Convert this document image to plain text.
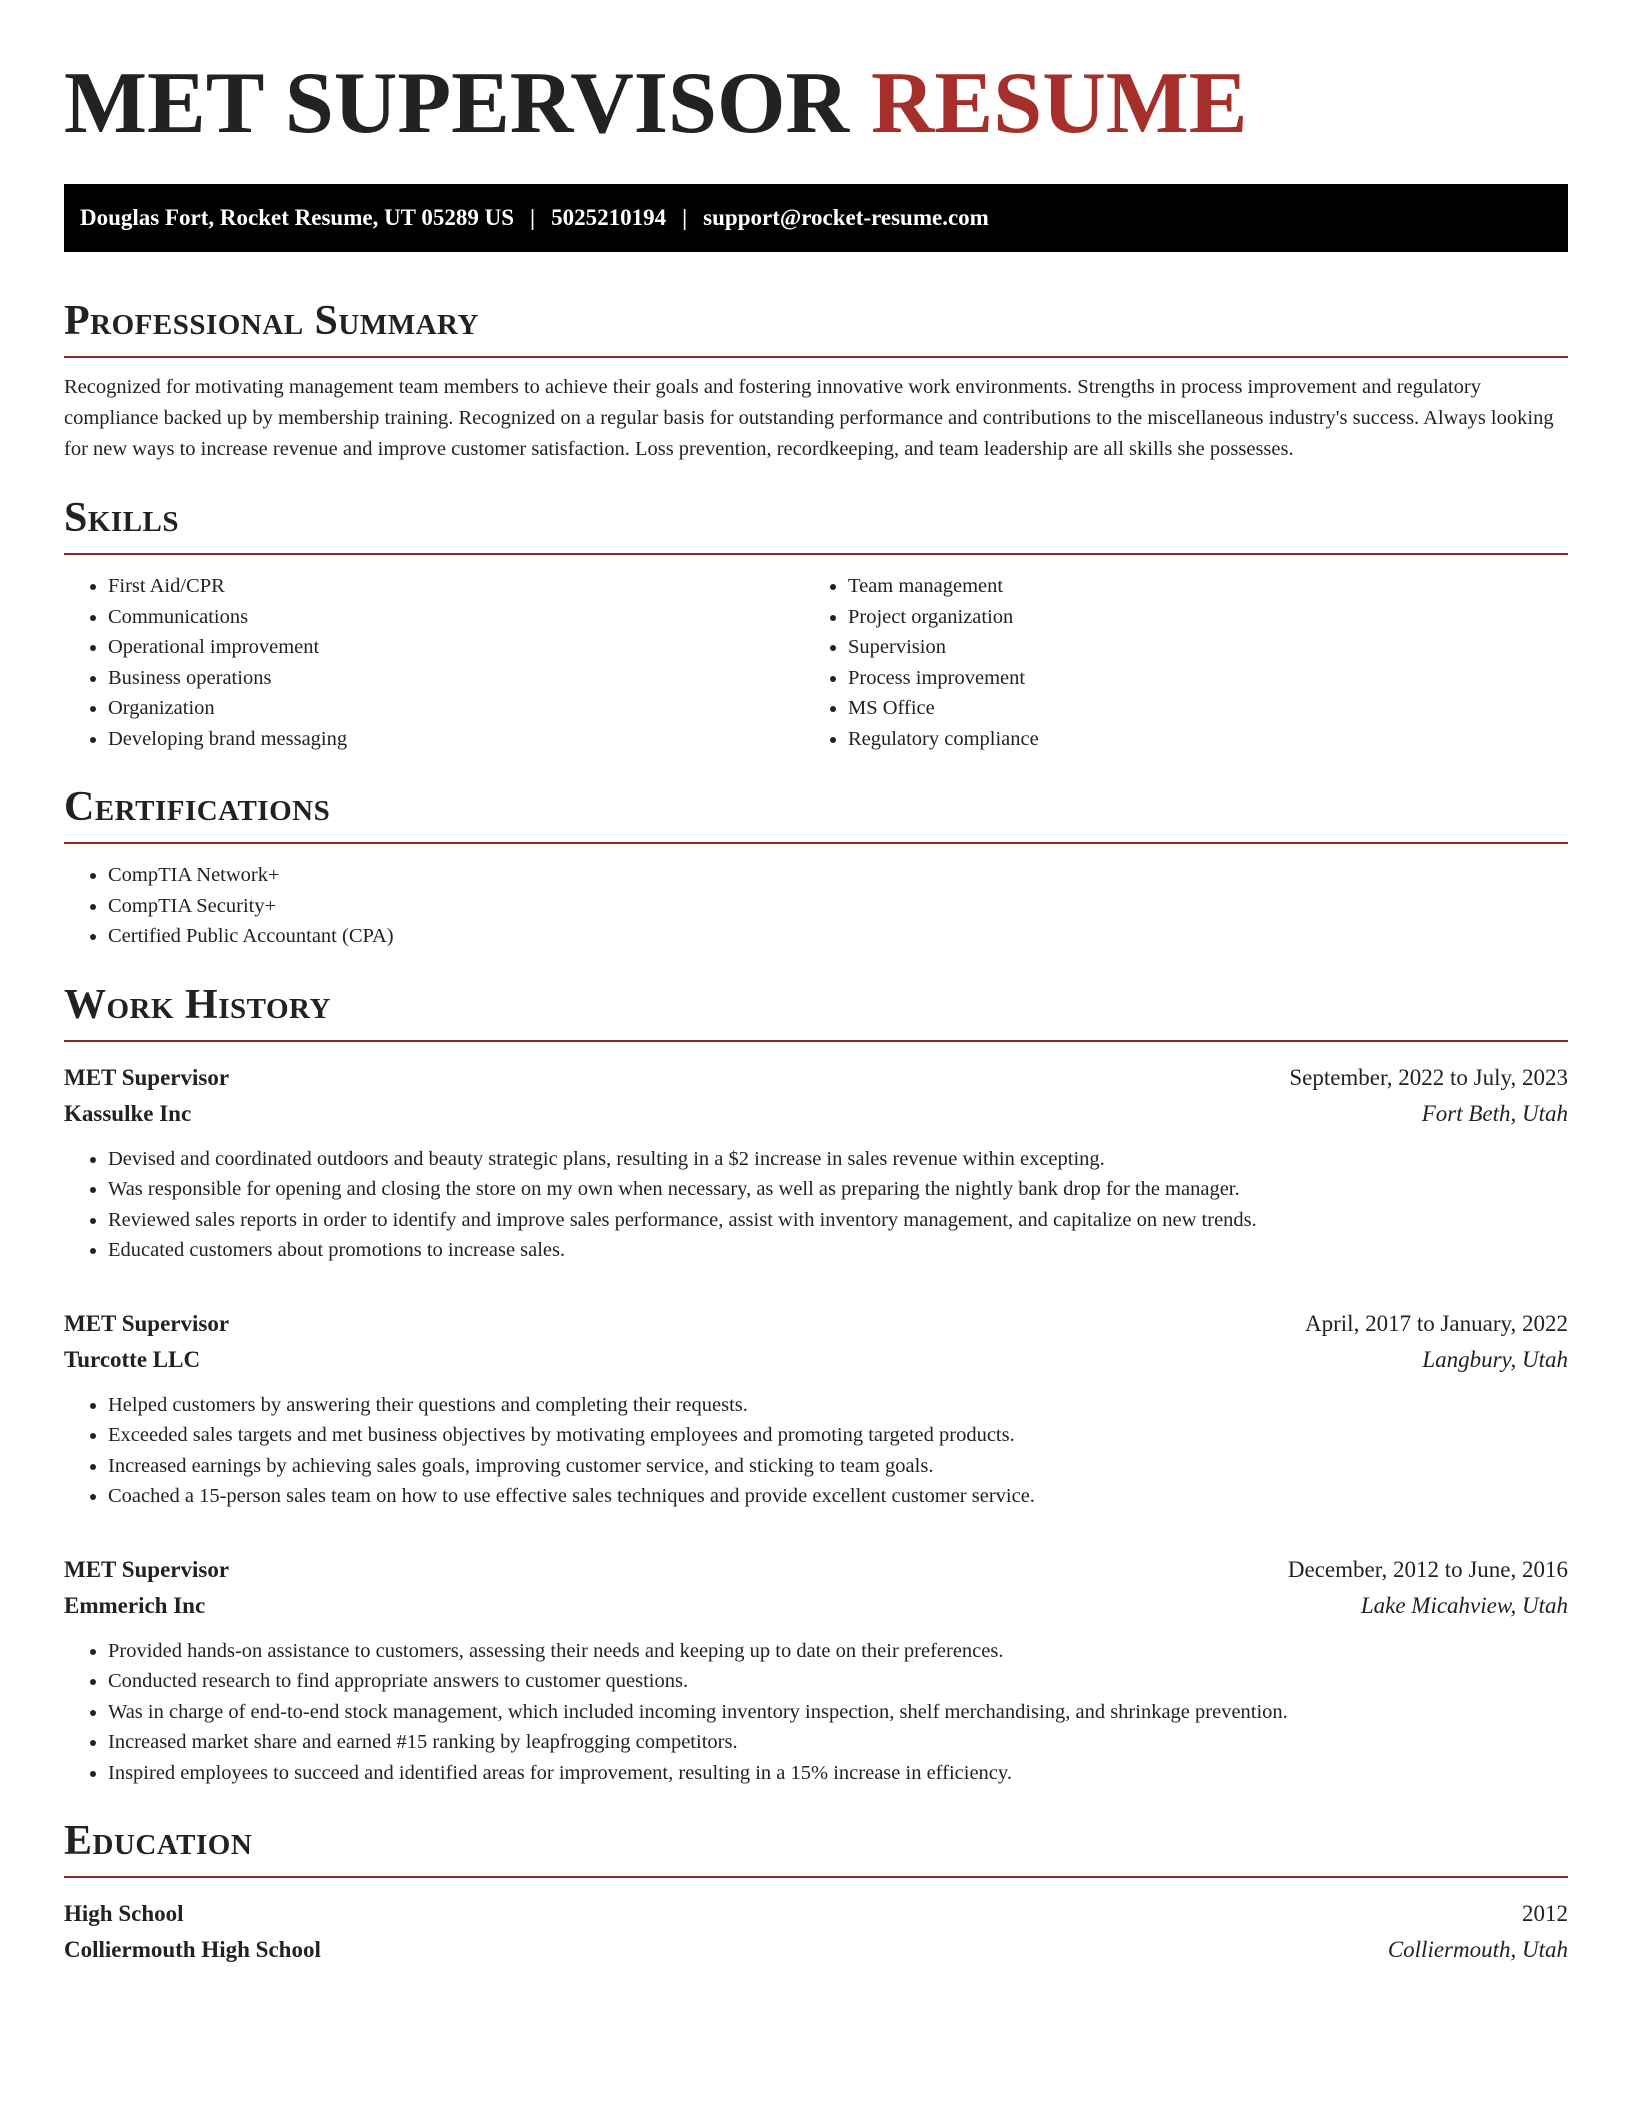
MET SUPERVISOR RESUME
Douglas Fort, Rocket Resume, UT 05289 US | 5025210194 | support@rocket-resume.com
Professional Summary

Recognized for motivating management team members to achieve their goals and fostering innovative work environments. Strengths in process improvement and regulatory compliance backed up by membership training. Recognized on a regular basis for outstanding performance and contributions to the miscellaneous industry's success. Always looking for new ways to increase revenue and improve customer satisfaction. Loss prevention, recordkeeping, and team leadership are all skills she possesses.

Skills
• First Aid/CPR
• Communications
• Operational improvement
• Business operations
• Organization
• Developing brand messaging
• Team management
• Project organization
• Supervision
• Process improvement
• MS Office
• Regulatory compliance
Certifications
• CompTIA Network+
• CompTIA Security+
• Certified Public Accountant (CPA)
Work History
MET Supervisor	September, 2022 to July, 2023
Kassulke Inc	Fort Beth, Utah
• Devised and coordinated outdoors and beauty strategic plans, resulting in a $2 increase in sales revenue within excepting.
• Was responsible for opening and closing the store on my own when necessary, as well as preparing the nightly bank drop for the manager.
• Reviewed sales reports in order to identify and improve sales performance, assist with inventory management, and capitalize on new trends.
• Educated customers about promotions to increase sales.
MET Supervisor	April, 2017 to January, 2022
Turcotte LLC	Langbury, Utah
• Helped customers by answering their questions and completing their requests.
• Exceeded sales targets and met business objectives by motivating employees and promoting targeted products.
• Increased earnings by achieving sales goals, improving customer service, and sticking to team goals.
• Coached a 15-person sales team on how to use effective sales techniques and provide excellent customer service.
MET Supervisor	December, 2012 to June, 2016
Emmerich Inc	Lake Micahview, Utah
• Provided hands-on assistance to customers, assessing their needs and keeping up to date on their preferences.
• Conducted research to find appropriate answers to customer questions.
• Was in charge of end-to-end stock management, which included incoming inventory inspection, shelf merchandising, and shrinkage prevention.
• Increased market share and earned #15 ranking by leapfrogging competitors.
• Inspired employees to succeed and identified areas for improvement, resulting in a 15% increase in efficiency.
Education
High School	2012
Colliermouth High School	Colliermouth, Utah
